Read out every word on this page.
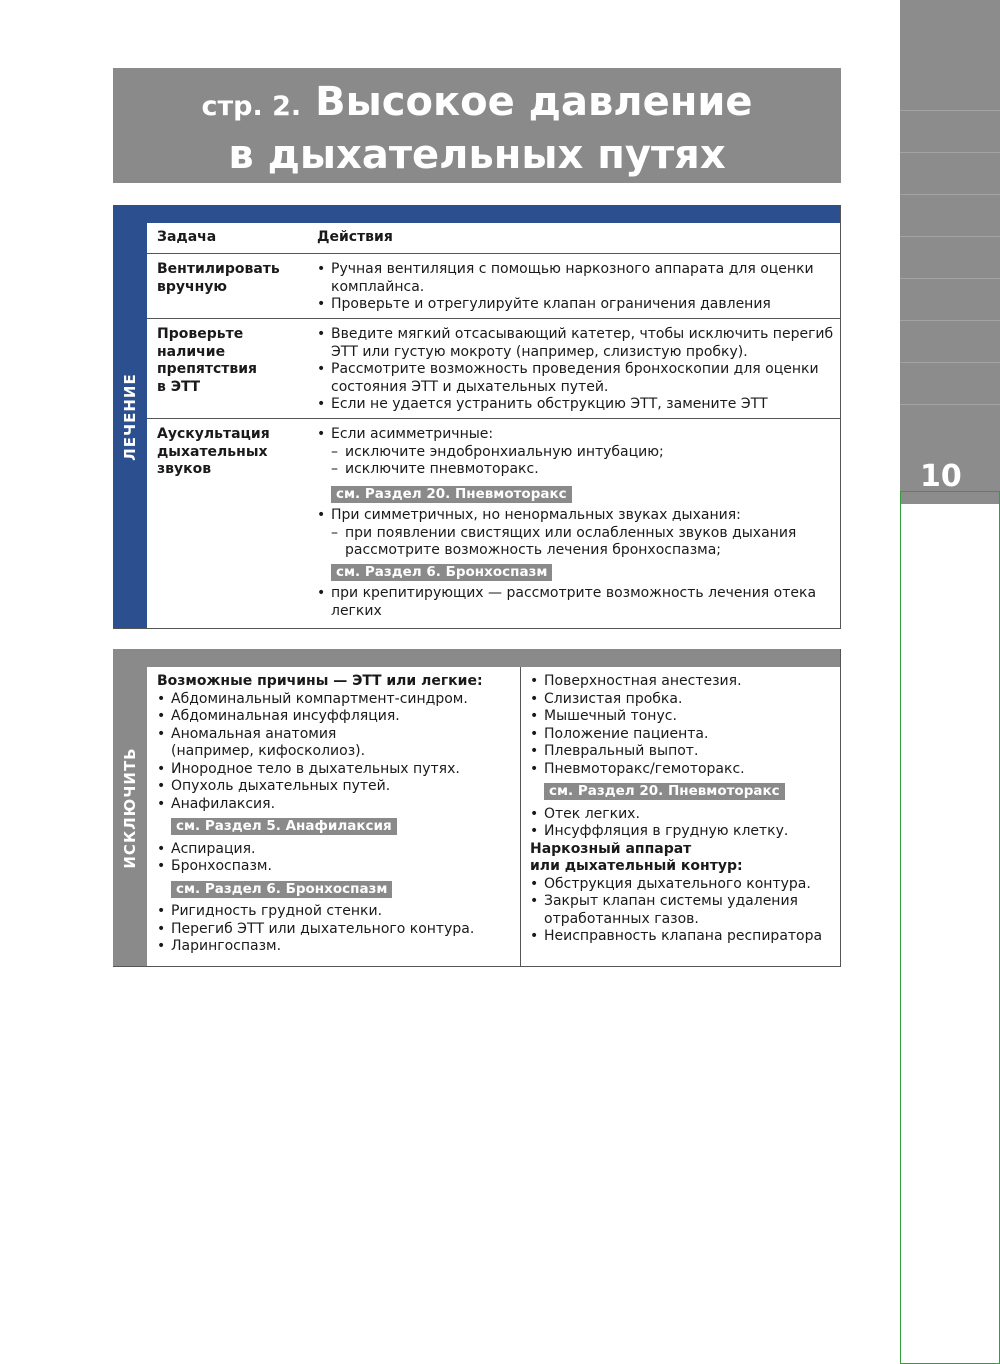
10
стр. 2. Высокое давление
в дыхательных путях
ЛЕЧЕНИЕ
Задача	Действия
Вентилировать вручную
• Ручная вентиляция с помощью наркозного аппарата для оценки комплайнса.
• Проверьте и отрегулируйте клапан ограничения давления
Проверьте наличие препятствия в ЭТТ
• Введите мягкий отсасывающий катетер, чтобы исключить перегиб ЭТТ или густую мокроту (например, слизистую пробку).
• Рассмотрите возможность проведения бронхоскопии для оценки состояния ЭТТ и дыхательных путей.
• Если не удается устранить обструкцию ЭТТ, замените ЭТТ
Аускультация дыхательных звуков
• Если асимметричные:
– исключите эндобронхиальную интубацию;
– исключите пневмоторакс.
см. Раздел 20. Пневмоторакс
• При симметричных, но ненормальных звуках дыхания:
– при появлении свистящих или ослабленных звуков дыхания рассмотрите возможность лечения бронхоспазма;
см. Раздел 6. Бронхоспазм
• при крепитирующих — рассмотрите возможность лечения отека легких
ИСКЛЮЧИТЬ
Возможные причины — ЭТТ или легкие:
• Абдоминальный компартмент-синдром.
• Абдоминальная инсуффляция.
• Аномальная анатомия (например, кифосколиоз).
• Инородное тело в дыхательных путях.
• Опухоль дыхательных путей.
• Анафилаксия.
см. Раздел 5. Анафилаксия
• Аспирация.
• Бронхоспазм.
см. Раздел 6. Бронхоспазм
• Ригидность грудной стенки.
• Перегиб ЭТТ или дыхательного контура.
• Ларингоспазм.
• Поверхностная анестезия.
• Слизистая пробка.
• Мышечный тонус.
• Положение пациента.
• Плевральный выпот.
• Пневмоторакс/гемоторакс.
см. Раздел 20. Пневмоторакс
• Отек легких.
• Инсуффляция в грудную клетку.
Наркозный аппарат
или дыхательный контур:
• Обструкция дыхательного контура.
• Закрыт клапан системы удаления отработанных газов.
• Неисправность клапана респиратора
